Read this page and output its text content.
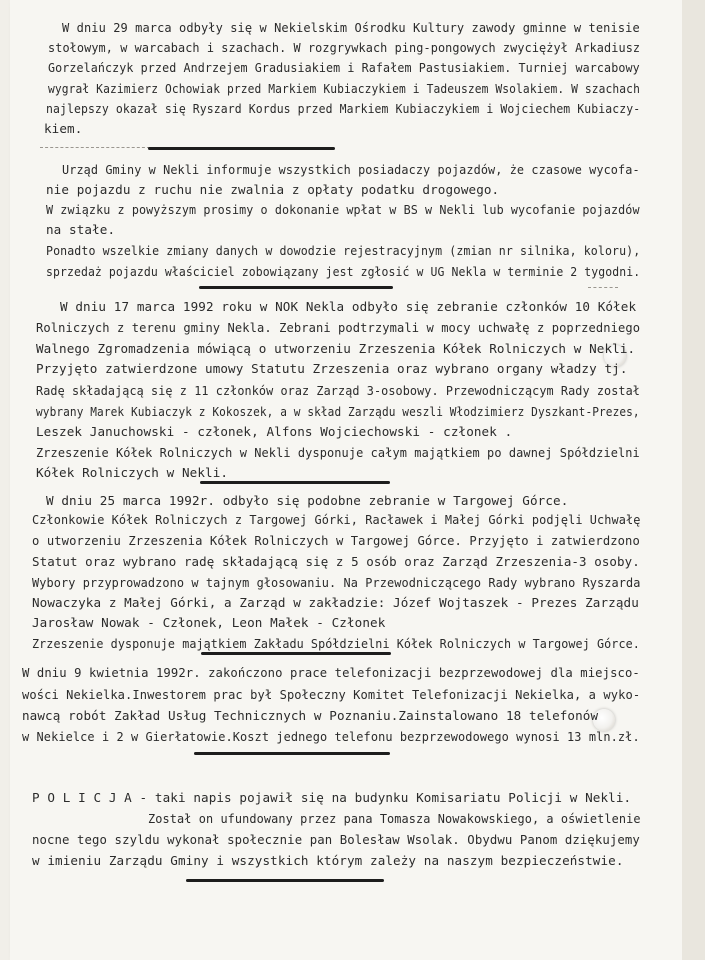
W dniu 29 marca odbyły się w Nekielskim Ośrodku Kultury zawody gminne w tenisie
stołowym, w warcabach i szachach. W rozgrywkach ping-pongowych zwyciężył Arkadiusz
Gorzelańczyk przed Andrzejem Gradusiakiem i Rafałem Pastusiakiem. Turniej warcabowy
wygrał Kazimierz Ochowiak przed Markiem Kubiaczykiem i Tadeuszem Wsolakiem. W szachach
najlepszy okazał się Ryszard Kordus przed Markiem Kubiaczykiem i Wojciechem Kubiaczy-
kiem.
Urząd Gminy w Nekli informuje wszystkich posiadaczy pojazdów, że czasowe wycofa-
nie pojazdu z ruchu nie zwalnia z opłaty podatku drogowego.
W związku z powyższym prosimy o dokonanie wpłat w BS w Nekli lub wycofanie pojazdów
na stałe.
Ponadto wszelkie zmiany danych w dowodzie rejestracyjnym (zmian nr silnika, koloru),
sprzedaż pojazdu właściciel zobowiązany jest zgłosić w UG Nekla w terminie 2 tygodni.
W dniu 17 marca 1992 roku w NOK Nekla odbyło się zebranie członków 10 Kółek
Rolniczych z terenu gminy Nekla. Zebrani podtrzymali w mocy uchwałę z poprzedniego
Walnego Zgromadzenia mówiącą o utworzeniu Zrzeszenia Kółek Rolniczych w Nekli.
Przyjęto zatwierdzone umowy Statutu Zrzeszenia oraz wybrano organy władzy tj.
Radę składającą się z 11 członków oraz Zarząd 3-osobowy. Przewodniczącym Rady został
wybrany Marek Kubiaczyk z Kokoszek, a w skład Zarządu weszli Włodzimierz Dyszkant-Prezes,
Leszek Januchowski - członek, Alfons Wojciechowski - członek .
Zrzeszenie Kółek Rolniczych w Nekli dysponuje całym majątkiem po dawnej Spółdzielni
Kółek Rolniczych w Nekli.
W dniu 25 marca 1992r. odbyło się podobne zebranie w Targowej Górce.
Członkowie Kółek Rolniczych z Targowej Górki, Racławek i Małej Górki podjęli Uchwałę
o utworzeniu Zrzeszenia Kółek Rolniczych w Targowej Górce. Przyjęto i zatwierdzono
Statut oraz wybrano radę składającą się z 5 osób oraz Zarząd Zrzeszenia-3 osoby.
Wybory przyprowadzono w tajnym głosowaniu. Na Przewodniczącego Rady wybrano Ryszarda
Nowaczyka z Małej Górki, a Zarząd w zakładzie: Józef Wojtaszek - Prezes Zarządu
Jarosław Nowak - Członek, Leon Małek - Członek
Zrzeszenie dysponuje majątkiem Zakładu Spółdzielni Kółek Rolniczych w Targowej Górce.
W dniu 9 kwietnia 1992r. zakończono prace telefonizacji bezprzewodowej dla miejsco-
wości Nekielka.Inwestorem prac był Społeczny Komitet Telefonizacji Nekielka, a wyko-
nawcą robót Zakład Usług Technicznych w Poznaniu.Zainstalowano 18 telefonów
w Nekielce i 2 w Gierłatowie.Koszt jednego telefonu bezprzewodowego wynosi 13 mln.zł.
P O L I C J A - taki napis pojawił się na budynku Komisariatu Policji w Nekli.
Został on ufundowany przez pana Tomasza Nowakowskiego, a oświetlenie
nocne tego szyldu wykonał społecznie pan Bolesław Wsolak. Obydwu Panom dziękujemy
w imieniu Zarządu Gminy i wszystkich którym zależy na naszym bezpieczeństwie.
